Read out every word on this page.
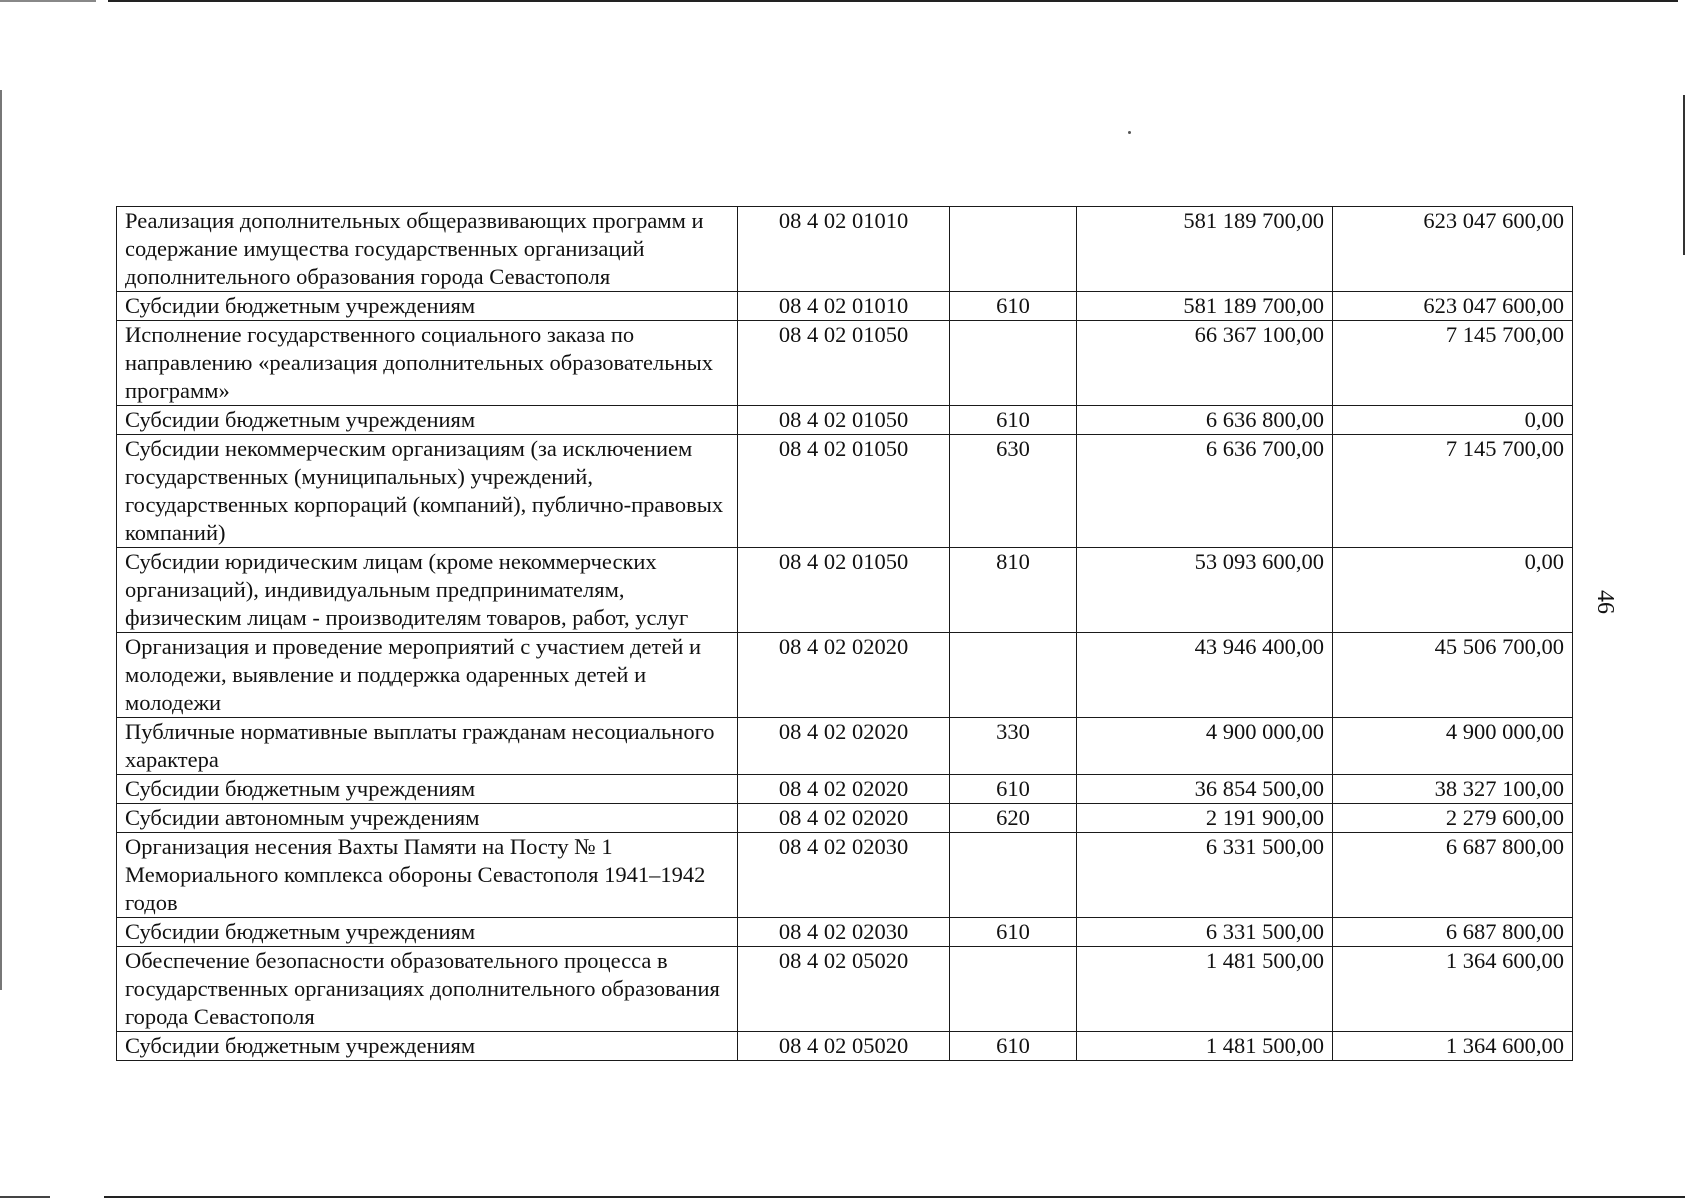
46
Реализация дополнительных общеразвивающих программ и содержание имущества государственных организаций дополнительного образования города Севастополя	08 4 02 01010		581 189 700,00	623 047 600,00
Субсидии бюджетным учреждениям	08 4 02 01010	610	581 189 700,00	623 047 600,00
Исполнение государственного социального заказа по направлению «реализация дополнительных образовательных программ»	08 4 02 01050		66 367 100,00	7 145 700,00
Субсидии бюджетным учреждениям	08 4 02 01050	610	6 636 800,00	0,00
Субсидии некоммерческим организациям (за исключением государственных (муниципальных) учреждений, государственных корпораций (компаний), публично-правовых компаний)	08 4 02 01050	630	6 636 700,00	7 145 700,00
Субсидии юридическим лицам (кроме некоммерческих организаций), индивидуальным предпринимателям, физическим лицам - производителям товаров, работ, услуг	08 4 02 01050	810	53 093 600,00	0,00
Организация и проведение мероприятий с участием детей и молодежи, выявление и поддержка одаренных детей и молодежи	08 4 02 02020		43 946 400,00	45 506 700,00
Публичные нормативные выплаты гражданам несоциального характера	08 4 02 02020	330	4 900 000,00	4 900 000,00
Субсидии бюджетным учреждениям	08 4 02 02020	610	36 854 500,00	38 327 100,00
Субсидии автономным учреждениям	08 4 02 02020	620	2 191 900,00	2 279 600,00
Организация несения Вахты Памяти на Посту № 1 Мемориального комплекса обороны Севастополя 1941–1942 годов	08 4 02 02030		6 331 500,00	6 687 800,00
Субсидии бюджетным учреждениям	08 4 02 02030	610	6 331 500,00	6 687 800,00
Обеспечение безопасности образовательного процесса в государственных организациях дополнительного образования города Севастополя	08 4 02 05020		1 481 500,00	1 364 600,00
Субсидии бюджетным учреждениям	08 4 02 05020	610	1 481 500,00	1 364 600,00
